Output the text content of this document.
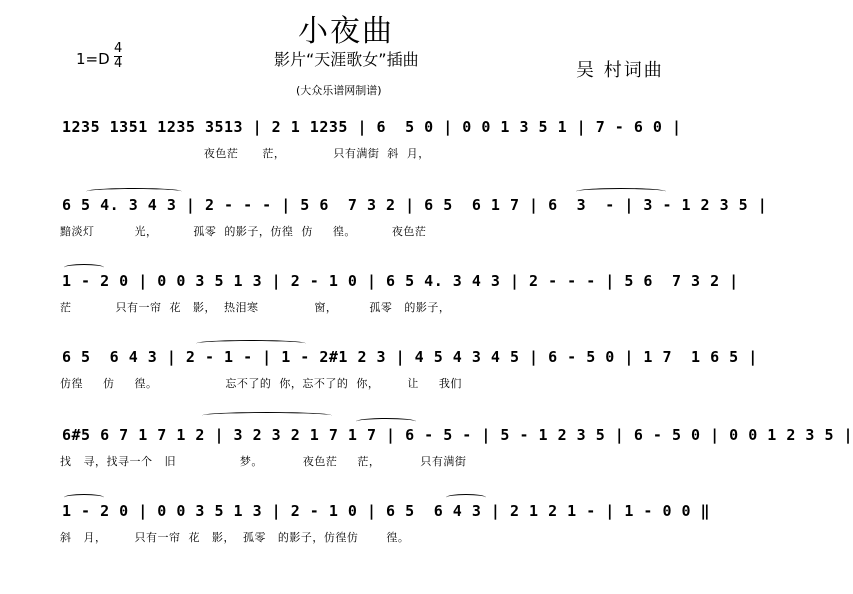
小夜曲
1=D
4
4	影片“天涯歌女”插曲
吴 村词曲
(大众乐谱网制谱)
1235 1351 1235 3513 | 2 1 1235 | 6  5 0 | 0 0 1 3 5 1 | 7 - 6 0 |
夜色茫      茫，            只有满街  斜  月，
6 5 4. 3 4 3 | 2 - - - | 5 6  7 3 2 | 6 5  6 1 7 | 6  3  - | 3 - 1 2 3 5 |
黯淡灯          光，         孤零  的影子，仿徨  仿     徨。         夜色茫
1 - 2 0 | 0 0 3 5 1 3 | 2 - 1 0 | 6 5 4. 3 4 3 | 2 - - - | 5 6  7 3 2 |
茫           只有一帘  花   影，  热泪寒              窗，        孤零   的影子，
6 5  6 4 3 | 2 - 1 - | 1 - 2#1 2 3 | 4 5 4 3 4 5 | 6 - 5 0 | 1 7  1 6 5 |
仿徨     仿     徨。                 忘不了的  你，忘不了的  你，       让     我们
6#5 6 7 1 7 1 2 | 3 2 3 2 1 7 1 7 | 6 - 5 - | 5 - 1 2 3 5 | 6 - 5 0 | 0 0 1 2 3 5 |
找   寻，找寻一个   旧                梦。          夜色茫     茫，          只有满街
1 - 2 0 | 0 0 3 5 1 3 | 2 - 1 0 | 6 5  6 4 3 | 2 1 2 1 - | 1 - 0 0 ‖
斜   月，       只有一帘  花   影，  孤零   的影子，仿徨仿       徨。
